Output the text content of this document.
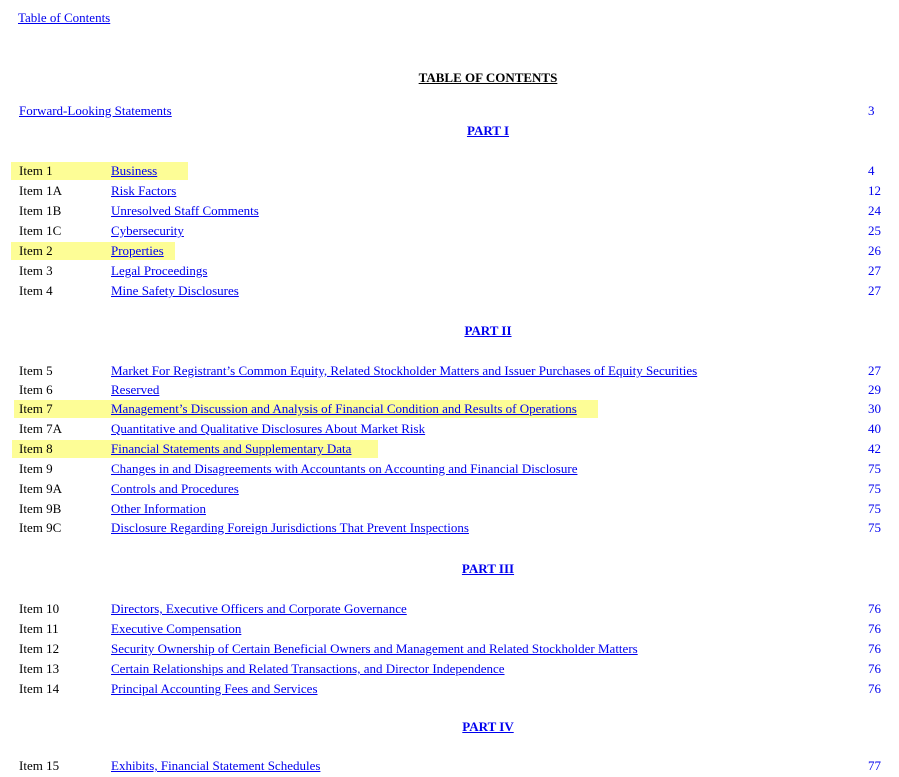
Table of Contents
TABLE OF CONTENTS
Forward-Looking Statements	3
PART I
Item 1	Business	4
Item 1A	Risk Factors	12
Item 1B	Unresolved Staff Comments	24
Item 1C	Cybersecurity	25
Item 2	Properties	26
Item 3	Legal Proceedings	27
Item 4	Mine Safety Disclosures	27
PART II
Item 5	Market For Registrant’s Common Equity, Related Stockholder Matters and Issuer Purchases of Equity Securities	27
Item 6	Reserved	29
Item 7	Management’s Discussion and Analysis of Financial Condition and Results of Operations	30
Item 7A	Quantitative and Qualitative Disclosures About Market Risk	40
Item 8	Financial Statements and Supplementary Data	42
Item 9	Changes in and Disagreements with Accountants on Accounting and Financial Disclosure	75
Item 9A	Controls and Procedures	75
Item 9B	Other Information	75
Item 9C	Disclosure Regarding Foreign Jurisdictions That Prevent Inspections	75
PART III
Item 10	Directors, Executive Officers and Corporate Governance	76
Item 11	Executive Compensation	76
Item 12	Security Ownership of Certain Beneficial Owners and Management and Related Stockholder Matters	76
Item 13	Certain Relationships and Related Transactions, and Director Independence	76
Item 14	Principal Accounting Fees and Services	76
PART IV
Item 15	Exhibits, Financial Statement Schedules	77
